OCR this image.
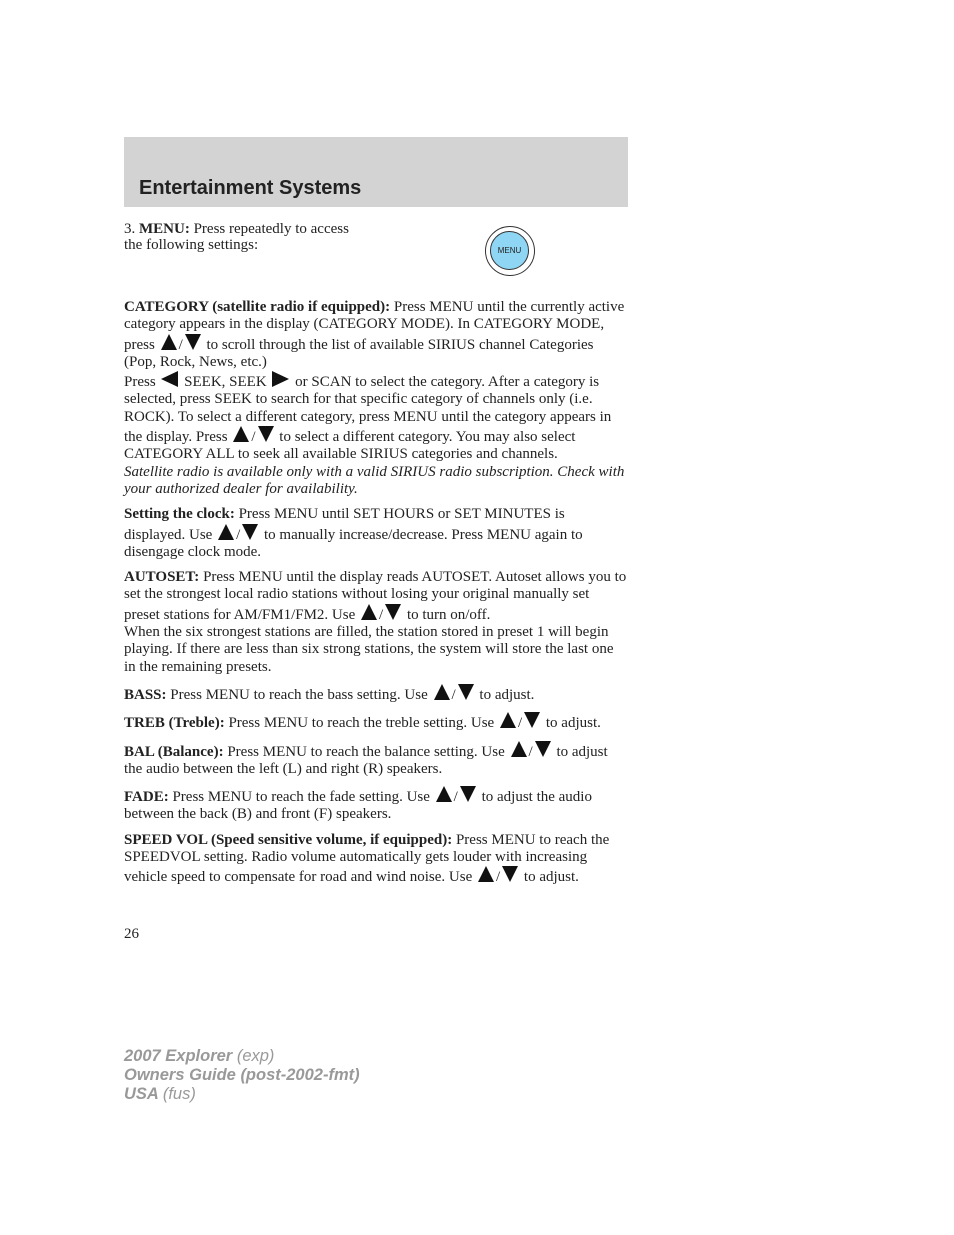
Entertainment Systems
3. MENU: Press repeatedly to access the following settings:	MENU

CATEGORY (satellite radio if equipped): Press MENU until the currently active category appears in the display (CATEGORY MODE). In CATEGORY MODE, press / to scroll through the list of available SIRIUS channel Categories (Pop, Rock, News, etc.)

Press SEEK, SEEK or SCAN to select the category. After a category is selected, press SEEK to search for that specific category of channels only (i.e. ROCK). To select a different category, press MENU until the category appears in the display. Press / to select a different category. You may also select CATEGORY ALL to seek all available SIRIUS categories and channels.

Satellite radio is available only with a valid SIRIUS radio subscription. Check with your authorized dealer for availability.

Setting the clock: Press MENU until SET HOURS or SET MINUTES is displayed. Use / to manually increase/decrease. Press MENU again to disengage clock mode.

AUTOSET: Press MENU until the display reads AUTOSET. Autoset allows you to set the strongest local radio stations without losing your original manually set preset stations for AM/FM1/FM2. Use / to turn on/off.

When the six strongest stations are filled, the station stored in preset 1 will begin playing. If there are less than six strong stations, the system will store the last one in the remaining presets.

BASS: Press MENU to reach the bass setting. Use / to adjust.

TREB (Treble): Press MENU to reach the treble setting. Use / to adjust.

BAL (Balance): Press MENU to reach the balance setting. Use / to adjust the audio between the left (L) and right (R) speakers.

FADE: Press MENU to reach the fade setting. Use / to adjust the audio between the back (B) and front (F) speakers.

SPEED VOL (Speed sensitive volume, if equipped): Press MENU to reach the SPEEDVOL setting. Radio volume automatically gets louder with increasing vehicle speed to compensate for road and wind noise. Use / to adjust.

26
2007 Explorer (exp)
Owners Guide (post-2002-fmt)
USA (fus)
